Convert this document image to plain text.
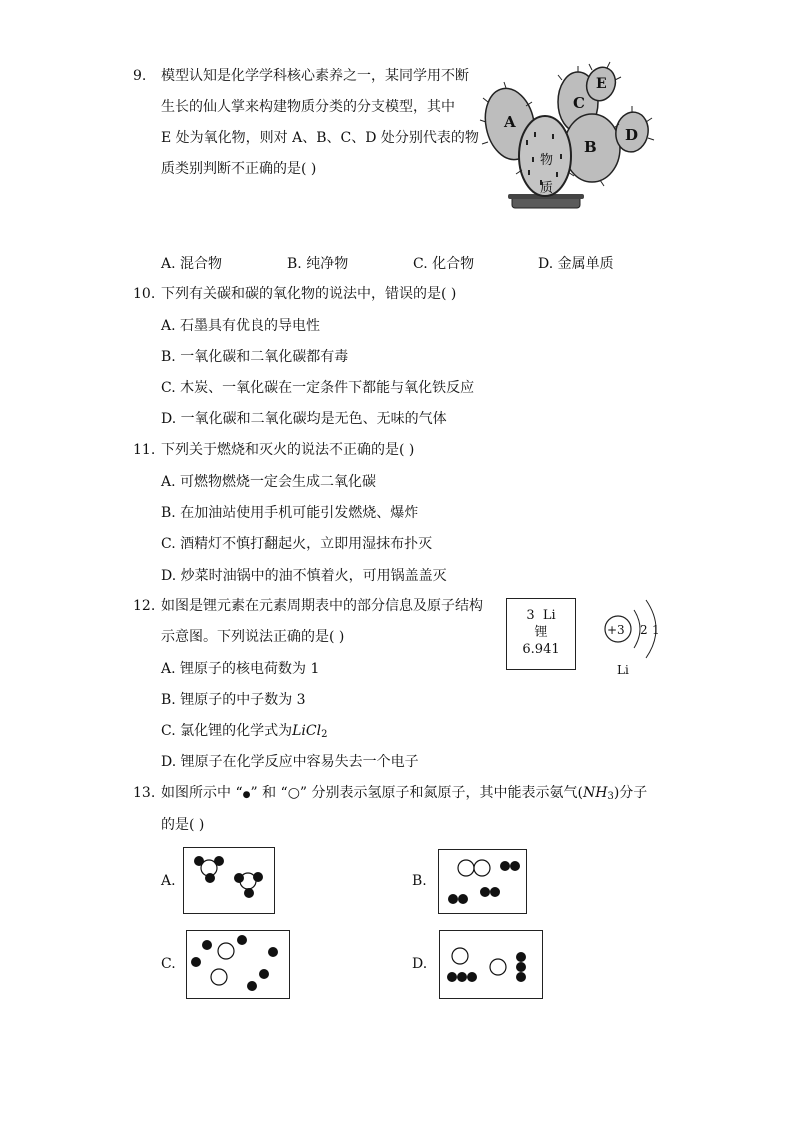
9. 模型认知是化学学科核心素养之一，某同学用不断
生长的仙人掌来构建物质分类的分支模型，其中
E 处为氧化物，则对 A、B、C、D 处分别代表的物
质类别判断不正确的是( )
A
C
E
B
D
物
质
A. 混合物	B. 纯净物	C. 化合物	D. 金属单质
10. 下列有关碳和碳的氧化物的说法中，错误的是( )
A. 石墨具有优良的导电性
B. 一氧化碳和二氧化碳都有毒
C. 木炭、一氧化碳在一定条件下都能与氧化铁反应
D. 一氧化碳和二氧化碳均是无色、无味的气体
11. 下列关于燃烧和灭火的说法不正确的是( )
A. 可燃物燃烧一定会生成二氧化碳
B. 在加油站使用手机可能引发燃烧、爆炸
C. 酒精灯不慎打翻起火，立即用湿抹布扑灭
D. 炒菜时油锅中的油不慎着火，可用锅盖盖灭
12. 如图是锂元素在元素周期表中的部分信息及原子结构
示意图。下列说法正确的是( )
3 Li
锂
6.941
+3 2 1
Li
A. 锂原子的核电荷数为 1
B. 锂原子的中子数为 3
C. 氯化锂的化学式为LiCl$_2$
D. 锂原子在化学反应中容易失去一个电子
13. 如图所示中 “●” 和 “○” 分别表示氢原子和氮原子，其中能表示氨气$(NH_3)$分子
的是( )
A.	B.
C.	D.
